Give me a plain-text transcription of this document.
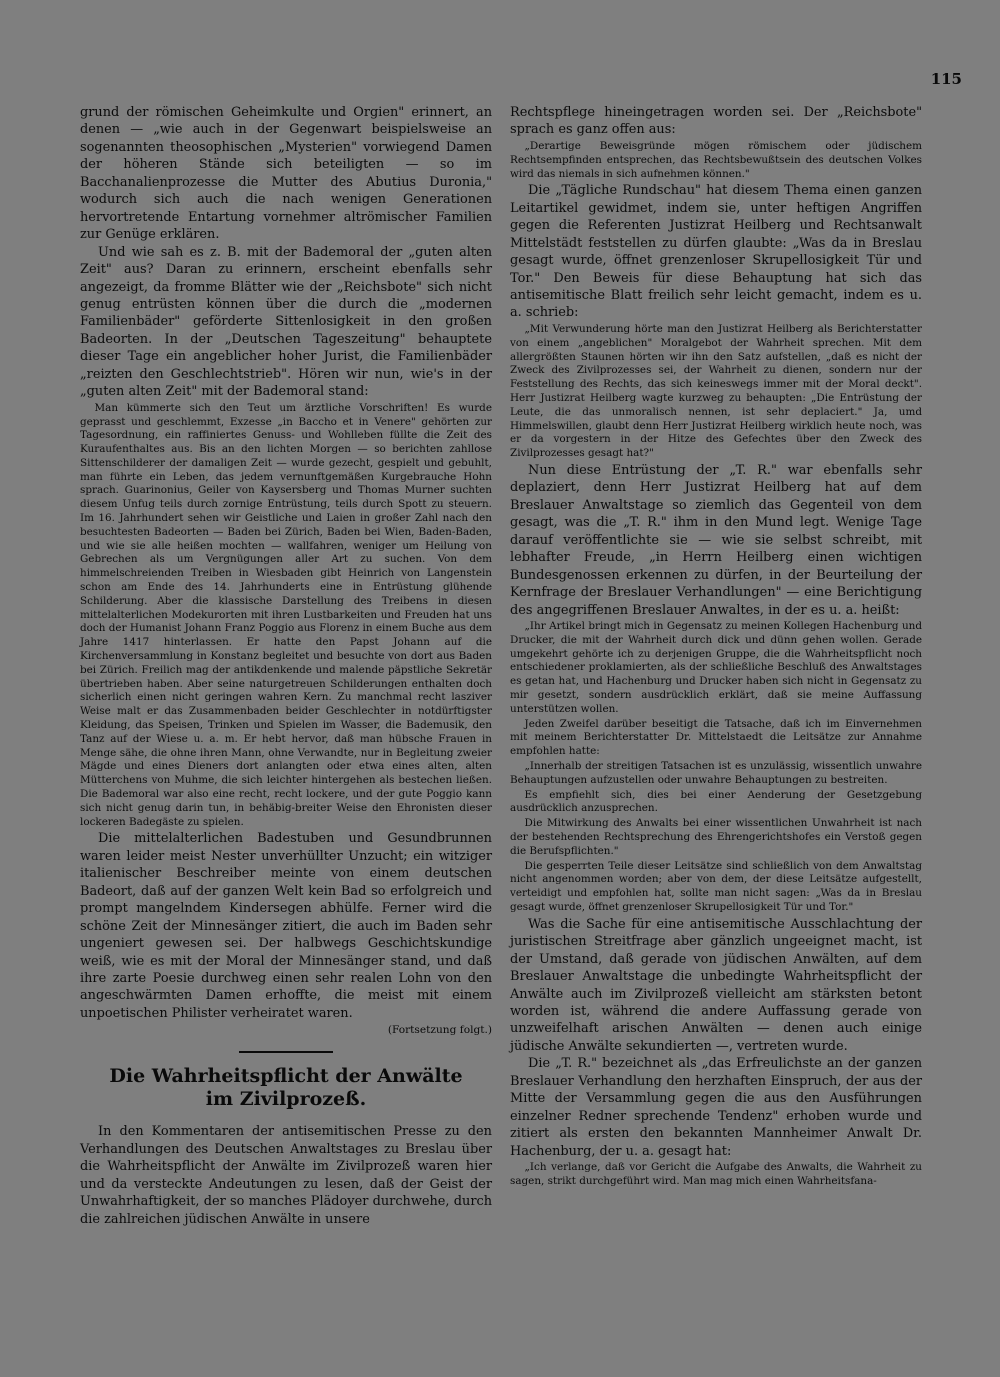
115

grund der römischen Geheimkulte und Orgien" erinnert, an denen — „wie auch in der Gegenwart beispielsweise an sogenannten theosophischen „Mysterien" vorwiegend Damen der höheren Stände sich beteiligten — so im Bacchanalienprozesse die Mutter des Abutius Duronia," wodurch sich auch die nach wenigen Generationen hervortretende Entartung vornehmer altrömischer Familien zur Genüge erklären.

Und wie sah es z. B. mit der Bademoral der „guten alten Zeit" aus? Daran zu erinnern, erscheint ebenfalls sehr angezeigt, da fromme Blätter wie der „Reichsbote" sich nicht genug entrüsten können über die durch die „modernen Familienbäder" geförderte Sittenlosigkeit in den großen Badeorten. In der „Deutschen Tageszeitung" behauptete dieser Tage ein angeblicher hoher Jurist, die Familienbäder „reizten den Geschlechtstrieb". Hören wir nun, wie's in der „guten alten Zeit" mit der Bademoral stand:

Man kümmerte sich den Teut um ärztliche Vorschriften! Es wurde geprasst und geschlemmt, Exzesse „in Baccho et in Venere" gehörten zur Tagesordnung, ein raffiniertes Genuss- und Wohlleben füllte die Zeit des Kuraufenthaltes aus. Bis an den lichten Morgen — so berichten zahllose Sittenschilderer der damaligen Zeit — wurde gezecht, gespielt und gebuhlt, man führte ein Leben, das jedem vernunftgemäßen Kurgebrauche Hohn sprach. Guarinonius, Geiler von Kaysersberg und Thomas Murner suchten diesem Unfug teils durch zornige Entrüstung, teils durch Spott zu steuern. Im 16. Jahrhundert sehen wir Geistliche und Laien in großer Zahl nach den besuchtesten Badeorten — Baden bei Zürich, Baden bei Wien, Baden-Baden, und wie sie alle heißen mochten — wallfahren, weniger um Heilung von Gebrechen als um Vergnügungen aller Art zu suchen. Von dem himmelschreienden Treiben in Wiesbaden gibt Heinrich von Langenstein schon am Ende des 14. Jahrhunderts eine in Entrüstung glühende Schilderung. Aber die klassische Darstellung des Treibens in diesen mittelalterlichen Modekurorten mit ihren Lustbarkeiten und Freuden hat uns doch der Humanist Johann Franz Poggio aus Florenz in einem Buche aus dem Jahre 1417 hinterlassen. Er hatte den Papst Johann auf die Kirchenversammlung in Konstanz begleitet und besuchte von dort aus Baden bei Zürich. Freilich mag der antikdenkende und malende päpstliche Sekretär übertrieben haben. Aber seine naturgetreuen Schilderungen enthalten doch sicherlich einen nicht geringen wahren Kern. Zu manchmal recht lasziver Weise malt er das Zusammenbaden beider Geschlechter in notdürftigster Kleidung, das Speisen, Trinken und Spielen im Wasser, die Bademusik, den Tanz auf der Wiese u. a. m. Er hebt hervor, daß man hübsche Frauen in Menge sähe, die ohne ihren Mann, ohne Verwandte, nur in Begleitung zweier Mägde und eines Dieners dort anlangten oder etwa eines alten, alten Mütterchens von Muhme, die sich leichter hintergehen als bestechen ließen. Die Bademoral war also eine recht, recht lockere, und der gute Poggio kann sich nicht genug darin tun, in behäbig-breiter Weise den Ehronisten dieser lockeren Badegäste zu spielen.

Die mittelalterlichen Badestuben und Gesundbrunnen waren leider meist Nester unverhüllter Unzucht; ein witziger italienischer Beschreiber meinte von einem deutschen Badeort, daß auf der ganzen Welt kein Bad so erfolgreich und prompt mangelndem Kindersegen abhülfe. Ferner wird die schöne Zeit der Minnesänger zitiert, die auch im Baden sehr ungeniert gewesen sei. Der halbwegs Geschichtskundige weiß, wie es mit der Moral der Minnesänger stand, und daß ihre zarte Poesie durchweg einen sehr realen Lohn von den angeschwärmten Damen erhoffte, die meist mit einem unpoetischen Philister verheiratet waren.

(Fortsetzung folgt.)

Die Wahrheitspflicht der Anwälte
im Zivilprozeß.

In den Kommentaren der antisemitischen Presse zu den Verhandlungen des Deutschen Anwaltstages zu Breslau über die Wahrheitspflicht der Anwälte im Zivilprozeß waren hier und da versteckte Andeutungen zu lesen, daß der Geist der Unwahrhaftigkeit, der so manches Plädoyer durchwehe, durch die zahlreichen jüdischen Anwälte in unsere

Rechtspflege hineingetragen worden sei. Der „Reichsbote" sprach es ganz offen aus:

„Derartige Beweisgründe mögen römischem oder jüdischem Rechtsempfinden entsprechen, das Rechtsbewußtsein des deutschen Volkes wird das niemals in sich aufnehmen können."

Die „Tägliche Rundschau" hat diesem Thema einen ganzen Leitartikel gewidmet, indem sie, unter heftigen Angriffen gegen die Referenten Justizrat Heilberg und Rechtsanwalt Mittelstädt feststellen zu dürfen glaubte: „Was da in Breslau gesagt wurde, öffnet grenzenloser Skrupellosigkeit Tür und Tor." Den Beweis für diese Behauptung hat sich das antisemitische Blatt freilich sehr leicht gemacht, indem es u. a. schrieb:

„Mit Verwunderung hörte man den Justizrat Heilberg als Berichterstatter von einem „angeblichen" Moralgebot der Wahrheit sprechen. Mit dem allergrößten Staunen hörten wir ihn den Satz aufstellen, „daß es nicht der Zweck des Zivilprozesses sei, der Wahrheit zu dienen, sondern nur der Feststellung des Rechts, das sich keineswegs immer mit der Moral deckt". Herr Justizrat Heilberg wagte kurzweg zu behaupten: „Die Entrüstung der Leute, die das unmoralisch nennen, ist sehr deplaciert." Ja, umd Himmelswillen, glaubt denn Herr Justizrat Heilberg wirklich heute noch, was er da vorgestern in der Hitze des Gefechtes über den Zweck des Zivilprozesses gesagt hat?"

Nun diese Entrüstung der „T. R." war ebenfalls sehr deplaziert, denn Herr Justizrat Heilberg hat auf dem Breslauer Anwaltstage so ziemlich das Gegenteil von dem gesagt, was die „T. R." ihm in den Mund legt. Wenige Tage darauf veröffentlichte sie — wie sie selbst schreibt, mit lebhafter Freude, „in Herrn Heilberg einen wichtigen Bundesgenossen erkennen zu dürfen, in der Beurteilung der Kernfrage der Breslauer Verhandlungen" — eine Berichtigung des angegriffenen Breslauer Anwaltes, in der es u. a. heißt:

„Ihr Artikel bringt mich in Gegensatz zu meinen Kollegen Hachenburg und Drucker, die mit der Wahrheit durch dick und dünn gehen wollen. Gerade umgekehrt gehörte ich zu derjenigen Gruppe, die die Wahrheitspflicht noch entschiedener proklamierten, als der schließliche Beschluß des Anwaltstages es getan hat, und Hachenburg und Drucker haben sich nicht in Gegensatz zu mir gesetzt, sondern ausdrücklich erklärt, daß sie meine Auffassung unterstützen wollen.

Jeden Zweifel darüber beseitigt die Tatsache, daß ich im Einvernehmen mit meinem Berichterstatter Dr. Mittelstaedt die Leitsätze zur Annahme empfohlen hatte:

„Innerhalb der streitigen Tatsachen ist es unzulässig, wissentlich unwahre Behauptungen aufzustellen oder unwahre Behauptungen zu bestreiten.

Es empfiehlt sich, dies bei einer Aenderung der Gesetzgebung ausdrücklich anzusprechen.

Die Mitwirkung des Anwalts bei einer wissentlichen Unwahrheit ist nach der bestehenden Rechtsprechung des Ehrengerichtshofes ein Verstoß gegen die Berufspflichten."

Die gesperrten Teile dieser Leitsätze sind schließlich von dem Anwaltstag nicht angenommen worden; aber von dem, der diese Leitsätze aufgestellt, verteidigt und empfohlen hat, sollte man nicht sagen: „Was da in Breslau gesagt wurde, öffnet grenzenloser Skrupellosigkeit Tür und Tor."

Was die Sache für eine antisemitische Ausschlachtung der juristischen Streitfrage aber gänzlich ungeeignet macht, ist der Umstand, daß gerade von jüdischen Anwälten, auf dem Breslauer Anwaltstage die unbedingte Wahrheitspflicht der Anwälte auch im Zivilprozeß vielleicht am stärksten betont worden ist, während die andere Auffassung gerade von unzweifelhaft arischen Anwälten — denen auch einige jüdische Anwälte sekundierten —, vertreten wurde.

Die „T. R." bezeichnet als „das Erfreulichste an der ganzen Breslauer Verhandlung den herzhaften Einspruch, der aus der Mitte der Versammlung gegen die aus den Ausführungen einzelner Redner sprechende Tendenz" erhoben wurde und zitiert als ersten den bekannten Mannheimer Anwalt Dr. Hachenburg, der u. a. gesagt hat:

„Ich verlange, daß vor Gericht die Aufgabe des Anwalts, die Wahrheit zu sagen, strikt durchgeführt wird. Man mag mich einen Wahrheitsfana-
